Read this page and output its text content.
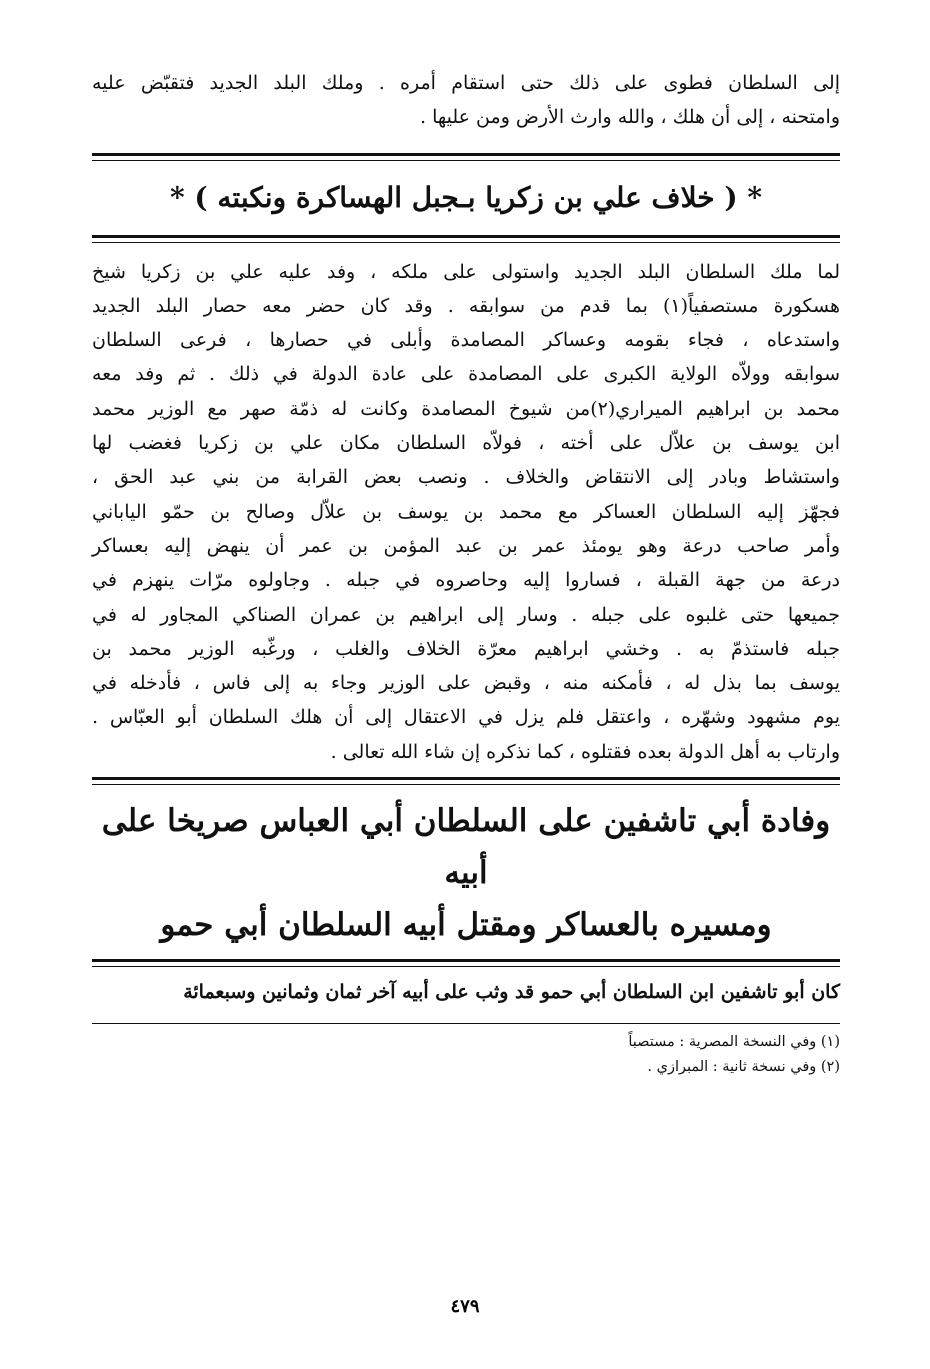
إلى السلطان فطوى على ذلك حتى استقام أمره . وملك البلد الجديد فتقبّض عليه
وامتحنه ، إلى أن هلك ، والله وارث الأرض ومن عليها .
* ( خلاف علي بن زكريا بـجبل الهساكرة ونكبته ) *
لما ملك السلطان البلد الجديد واستولى على ملكه ، وفد عليه علي بن زكريا شيخ
هسكورة مستصفياً(١) بما قدم من سوابقه . وقد كان حضر معه حصار البلد الجديد
واستدعاه ، فجاء بقومه وعساكر المصامدة وأبلى في حصارها ، فرعى السلطان
سوابقه وولاّه الولاية الكبرى على المصامدة على عادة الدولة في ذلك . ثم وفد معه
محمد بن ابراهيم الميراري(٢)من شيوخ المصامدة وكانت له ذمّة صهر مع الوزير محمد
ابن يوسف بن علاّل على أخته ، فولاّه السلطان مكان علي بن زكريا فغضب لها
واستشاط وبادر إلى الانتقاض والخلاف . ونصب بعض القرابة من بني عبد الحق ،
فجهّز إليه السلطان العساكر مع محمد بن يوسف بن علاّل وصالح بن حمّو الياباني
وأمر صاحب درعة وهو يومئذ عمر بن عبد المؤمن بن عمر أن ينهض إليه بعساكر
درعة من جهة القبلة ، فساروا إليه وحاصروه في جبله . وجاولوه مرّات ينهزم في
جميعها حتى غلبوه على جبله . وسار إلى ابراهيم بن عمران الصناكي المجاور له في
جبله فاستذمّ به . وخشي ابراهيم معرّة الخلاف والغلب ، ورغّبه الوزير محمد بن
يوسف بما بذل له ، فأمكنه منه ، وقبض على الوزير وجاء به إلى فاس ، فأدخله في
يوم مشهود وشهّره ، واعتقل فلم يزل في الاعتقال إلى أن هلك السلطان أبو العبّاس .
وارتاب به أهل الدولة بعده فقتلوه ، كما نذكره إن شاء الله تعالى .
وفادة أبي تاشفين على السلطان أبي العباس صريخا على أبيه
ومسيره بالعساكر ومقتل أبيه السلطان أبي حمو
كان أبو تاشفين ابن السلطان أبي حمو قد وثب على أبيه آخر ثمان وثمانين وسبعمائة
(١) وفي النسخة المصرية : مستصباً
(٢) وفي نسخة ثانية : المبرازي .
٤٧٩
